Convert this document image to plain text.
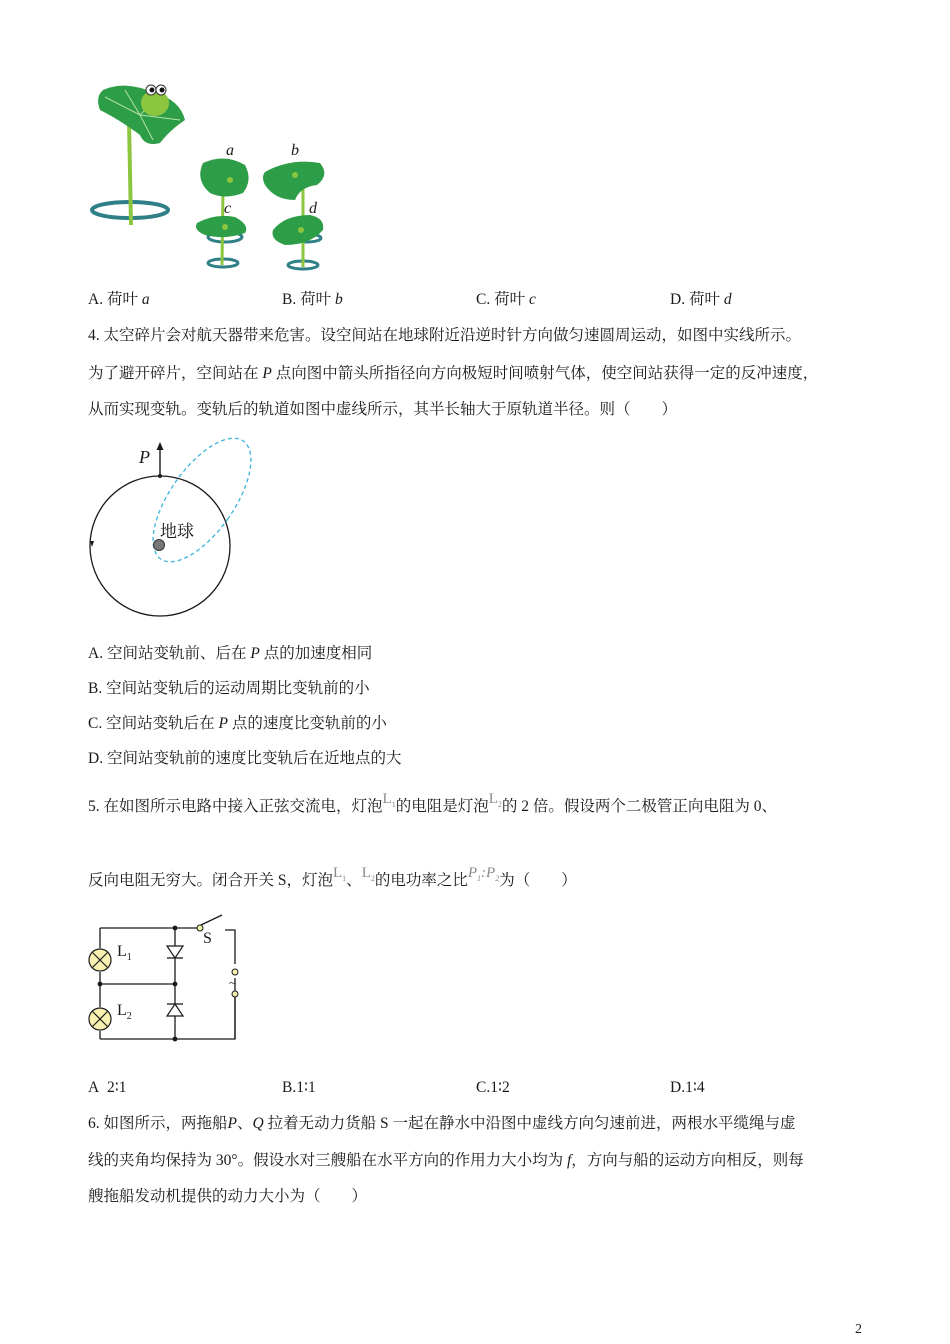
a	b
c	d
A. 荷叶 a	B. 荷叶 b	C. 荷叶 c	D. 荷叶 d
4. 太空碎片会对航天器带来危害。设空间站在地球附近沿逆时针方向做匀速圆周运动，如图中实线所示。
为了避开碎片，空间站在 P 点向图中箭头所指径向方向极短时间喷射气体，使空间站获得一定的反冲速度，
从而实现变轨。变轨后的轨道如图中虚线所示，其半长轴大于原轨道半径。则（　　）
P
地球
A. 空间站变轨前、后在 P 点的加速度相同
B. 空间站变轨后的运动周期比变轨前的小
C. 空间站变轨后在 P 点的速度比变轨前的小
D. 空间站变轨前的速度比变轨后在近地点的大
5. 在如图所示电路中接入正弦交流电，灯泡$L_1$的电阻是灯泡$L_2$的 2 倍。假设两个二极管正向电阻为 0、
反向电阻无穷大。闭合开关 S，灯泡$L_1$、$L_2$的电功率之比$P_1:P_2$为（　　）
$L_1$
$L_2$
S
~
A 2∶1	B.1∶1	C.1∶2	D.1∶4
6. 如图所示，两拖船P、Q 拉着无动力货船 S 一起在静水中沿图中虚线方向匀速前进，两根水平缆绳与虚
线的夹角均保持为 30°。假设水对三艘船在水平方向的作用力大小均为 f，方向与船的运动方向相反，则每
艘拖船发动机提供的动力大小为（　　）
2
